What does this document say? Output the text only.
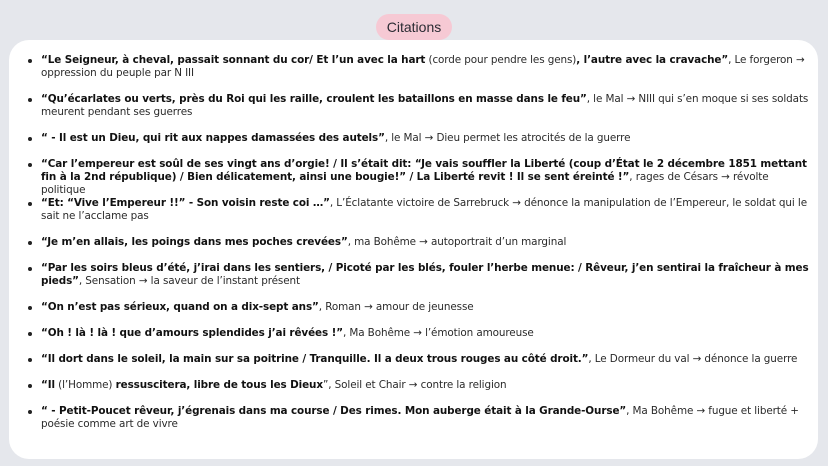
Citations
“Le Seigneur, à cheval, passait sonnant du cor/ Et l’un avec la hart (corde pour pendre les gens), l’autre avec la cravache”, Le forgeron → oppression du peuple par N III
“Qu’écarlates ou verts, près du Roi qui les raille, croulent les bataillons en masse dans le feu”, le Mal → NIII qui s’en moque si ses soldats meurent pendant ses guerres
“ - Il est un Dieu, qui rit aux nappes damassées des autels”, le Mal → Dieu permet les atrocités de la guerre
“Car l’empereur est soûl de ses vingt ans d’orgie! / Il s’était dit: “Je vais souffler la Liberté (coup d’État le 2 décembre 1851 mettant fin à la 2nd république) / Bien délicatement, ainsi une bougie!” / La Liberté revit ! Il se sent éreinté !”, rages de Césars → révolte politique
“Et: “Vive l’Empereur !!” - Son voisin reste coi …”, L’Éclatante victoire de Sarrebruck → dénonce la manipulation de l’Empereur, le soldat qui le sait ne l’acclame pas
“Je m’en allais, les poings dans mes poches crevées”, ma Bohême → autoportrait d’un marginal
“Par les soirs bleus d’été, j’irai dans les sentiers, / Picoté par les blés, fouler l’herbe menue: / Rêveur, j’en sentirai la fraîcheur à mes pieds”, Sensation → la saveur de l’instant présent
“On n’est pas sérieux, quand on a dix-sept ans”, Roman → amour de jeunesse
“Oh ! là ! là ! que d’amours splendides j’ai rêvées !”, Ma Bohême → l’émotion amoureuse
“Il dort dans le soleil, la main sur sa poitrine / Tranquille. Il a deux trous rouges au côté droit.”, Le Dormeur du val → dénonce la guerre
“Il (l’Homme) ressuscitera, libre de tous les Dieux”, Soleil et Chair → contre la religion
“ - Petit-Poucet rêveur, j’égrenais dans ma course / Des rimes. Mon auberge était à la Grande-Ourse”, Ma Bohême → fugue et liberté + poésie comme art de vivre
